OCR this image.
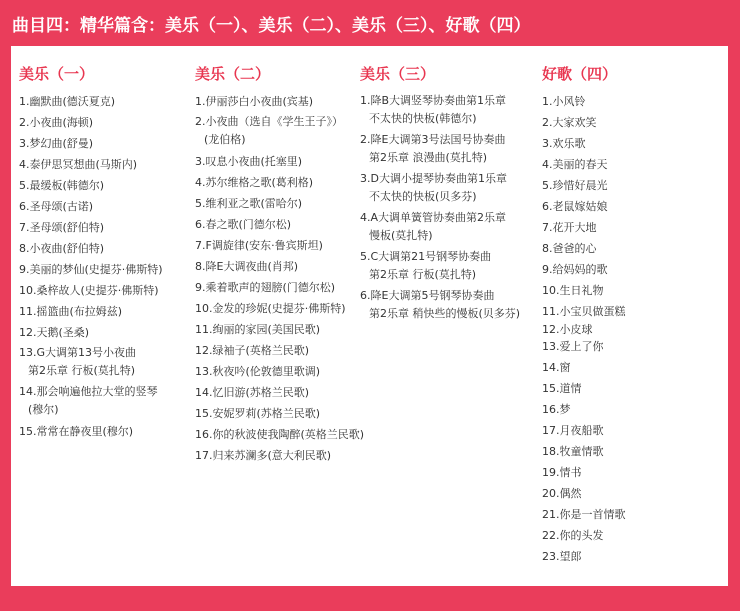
曲目四：精华篇含：美乐（一）、美乐（二）、美乐（三）、好歌（四）
美乐（一）
1.幽默曲(德沃夏克)
2.小夜曲(海顿)
3.梦幻曲(舒曼)
4.泰伊思冥想曲(马斯内)
5.最缓板(韩德尔)
6.圣母颂(古诺)
7.圣母颂(舒伯特)
8.小夜曲(舒伯特)
9.美丽的梦仙(史提芬·佛斯特)
10.桑梓故人(史提芬·佛斯特)
11.摇篮曲(布拉姆兹)
12.天鹅(圣桑)
13.G大调第13号小夜曲
第2乐章 行板(莫扎特)
14.那会响遍他拉大堂的竖琴
(穆尔)
15.常常在静夜里(穆尔)
美乐（二）
1.伊丽莎白小夜曲(宾基)
2.小夜曲（选自《学生王子》）
(龙伯格)
3.叹息小夜曲(托塞里)
4.苏尔维格之歌(葛利格)
5.维利亚之歌(雷哈尔)
6.春之歌(门德尔松)
7.F调旋律(安东·鲁宾斯坦)
8.降E大调夜曲(肖邦)
9.乘着歌声的翅膀(门德尔松)
10.金发的珍妮(史提芬·佛斯特)
11.绚丽的家园(美国民歌)
12.绿袖子(英格兰民歌)
13.秋夜吟(伦敦德里歌调)
14.忆旧游(苏格兰民歌)
15.安妮罗莉(苏格兰民歌)
16.你的秋波使我陶醉(英格兰民歌)
17.归来苏澜多(意大利民歌)
美乐（三）
1.降B大调竖琴协奏曲第1乐章
不太快的快板(韩德尔)
2.降E大调第3号法国号协奏曲
第2乐章 浪漫曲(莫扎特)
3.D大调小提琴协奏曲第1乐章
不太快的快板(贝多芬)
4.A大调单簧管协奏曲第2乐章
慢板(莫扎特)
5.C大调第21号钢琴协奏曲
第2乐章 行板(莫扎特)
6.降E大调第5号钢琴协奏曲
第2乐章 稍快些的慢板(贝多芬)
好歌（四）
1.小风铃
2.大家欢笑
3.欢乐歌
4.美丽的春天
5.珍惜好晨光
6.老鼠嫁姑娘
7.花开大地
8.爸爸的心
9.给妈妈的歌
10.生日礼物
11.小宝贝做蛋糕
12.小皮球
13.爱上了你
14.窗
15.道情
16.梦
17.月夜船歌
18.牧童情歌
19.情书
20.偶然
21.你是一首情歌
22.你的头发
23.望郎
